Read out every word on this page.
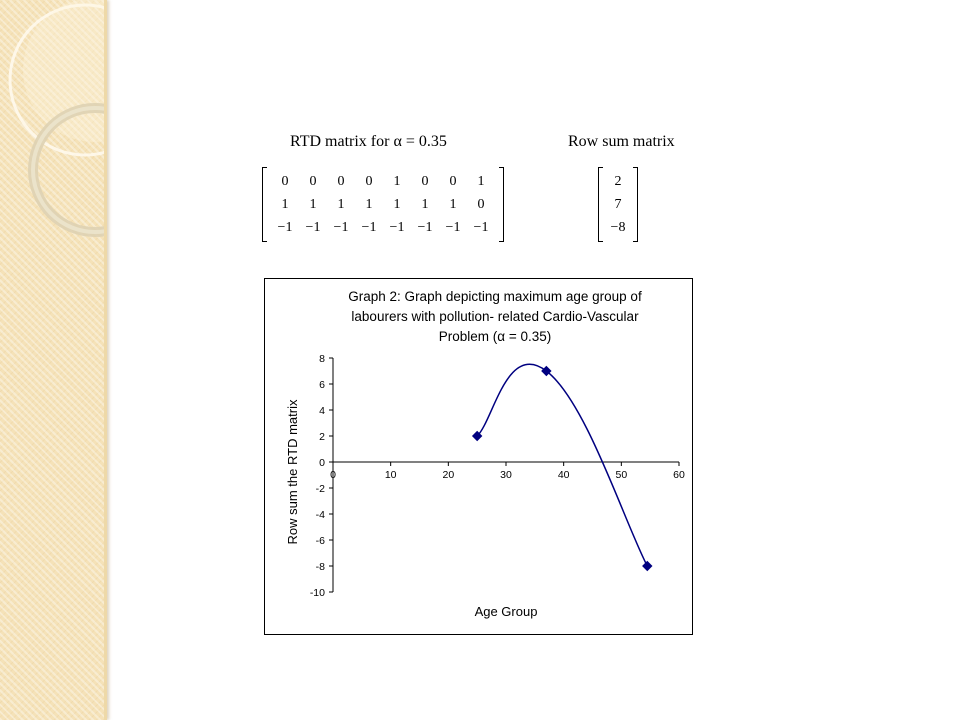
RTD matrix for α = 0.35	Row sum matrix
0	0	0	0	1	0	0	1
1	1	1	1	1	1	1	0
−1 −1 −1 −1 −1 −1 −1 −1
2
7
−8
Graph 2: Graph depicting maximum age group of
labourers with pollution- related Cardio-Vascular
Problem (α = 0.35)
0	10	20	30	40	50	60
8
6
4
2
0
-2
-4
-6
-8
-10
Age Group
Row sum the RTD matrix
